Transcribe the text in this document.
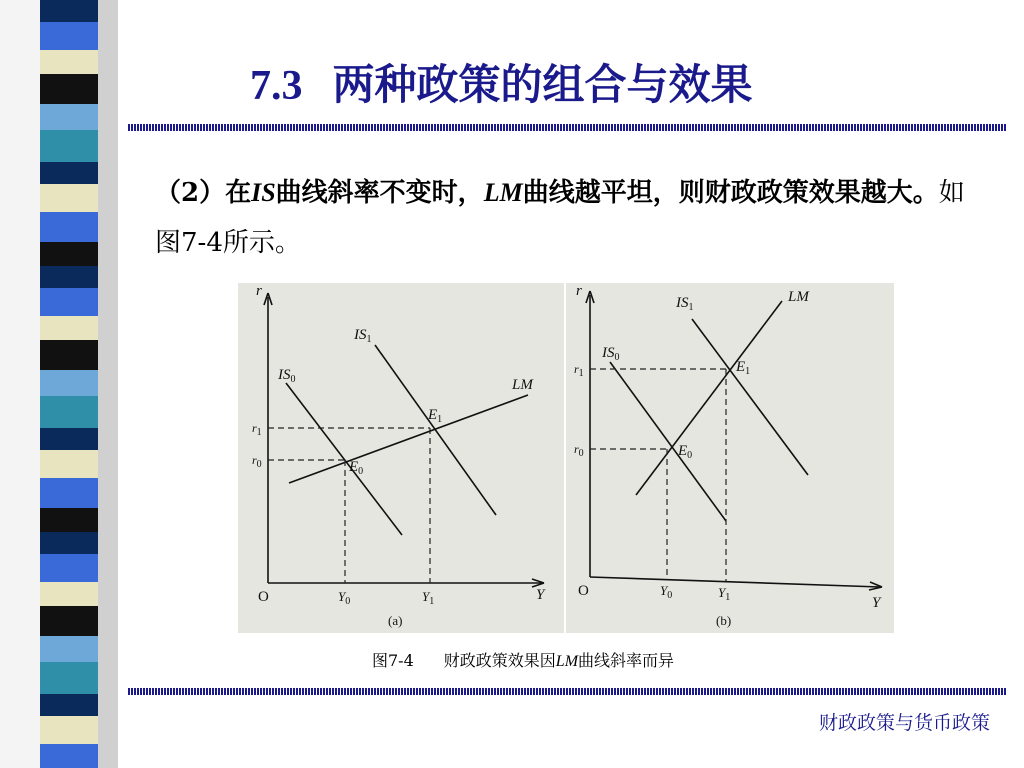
7.3 两种政策的组合与效果
（2）在IS曲线斜率不变时，LM曲线越平坦，则财政政策效果越大。如图7-4所示。
r
Y
O
$IS_1$
$IS_0$	LM
$E_1$
$E_0$
$r_1$
$r_0$
$Y_0$	$Y_1$
(a)
r
Y
O
$IS_1$
$IS_0$
LM
$E_1$
$E_0$
$r_1$
$r_0$
$Y_0$	$Y_1$
(b)
图7-4 财政政策效果因LM曲线斜率而异
财政政策与货币政策
